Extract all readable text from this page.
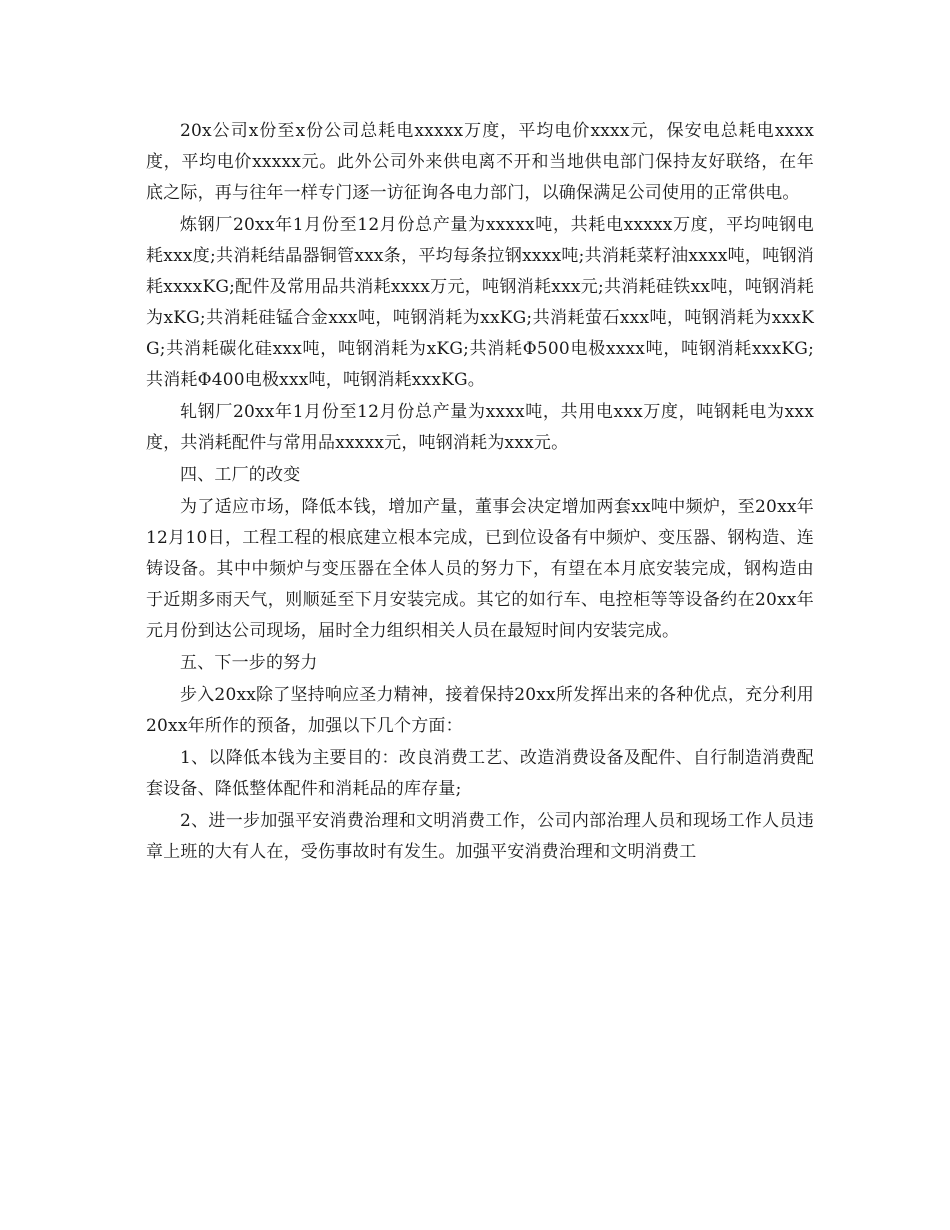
20x公司x份至x份公司总耗电xxxxx万度，平均电价xxxx元，保安电总耗电xxxx度，平均电价xxxxx元。此外公司外来供电离不开和当地供电部门保持友好联络，在年底之际，再与往年一样专门逐一访征询各电力部门，以确保满足公司使用的正常供电。

炼钢厂20xx年1月份至12月份总产量为xxxxx吨，共耗电xxxxx万度，平均吨钢电耗xxx度;共消耗结晶器铜管xxx条，平均每条拉钢xxxx吨;共消耗菜籽油xxxx吨，吨钢消耗xxxxKG;配件及常用品共消耗xxxx万元，吨钢消耗xxx元;共消耗硅铁xx吨，吨钢消耗为xKG;共消耗硅锰合金xxx吨，吨钢消耗为xxKG;共消耗萤石xxx吨，吨钢消耗为xxxKG;共消耗碳化硅xxx吨，吨钢消耗为xKG;共消耗Φ500电极xxxx吨，吨钢消耗xxxKG;共消耗Φ400电极xxx吨，吨钢消耗xxxKG。

轧钢厂20xx年1月份至12月份总产量为xxxx吨，共用电xxx万度，吨钢耗电为xxx度，共消耗配件与常用品xxxxx元，吨钢消耗为xxx元。

四、工厂的改变

为了适应市场，降低本钱，增加产量，董事会决定增加两套xx吨中频炉，至20xx年12月10日，工程工程的根底建立根本完成，已到位设备有中频炉、变压器、钢构造、连铸设备。其中中频炉与变压器在全体人员的努力下，有望在本月底安装完成，钢构造由于近期多雨天气，则顺延至下月安装完成。其它的如行车、电控柜等等设备约在20xx年元月份到达公司现场，届时全力组织相关人员在最短时间内安装完成。

五、下一步的努力

步入20xx除了坚持响应圣力精神，接着保持20xx所发挥出来的各种优点，充分利用20xx年所作的预备，加强以下几个方面：

1、以降低本钱为主要目的：改良消费工艺、改造消费设备及配件、自行制造消费配套设备、降低整体配件和消耗品的库存量;

2、进一步加强平安消费治理和文明消费工作，公司内部治理人员和现场工作人员违章上班的大有人在，受伤事故时有发生。加强平安消费治理和文明消费工
